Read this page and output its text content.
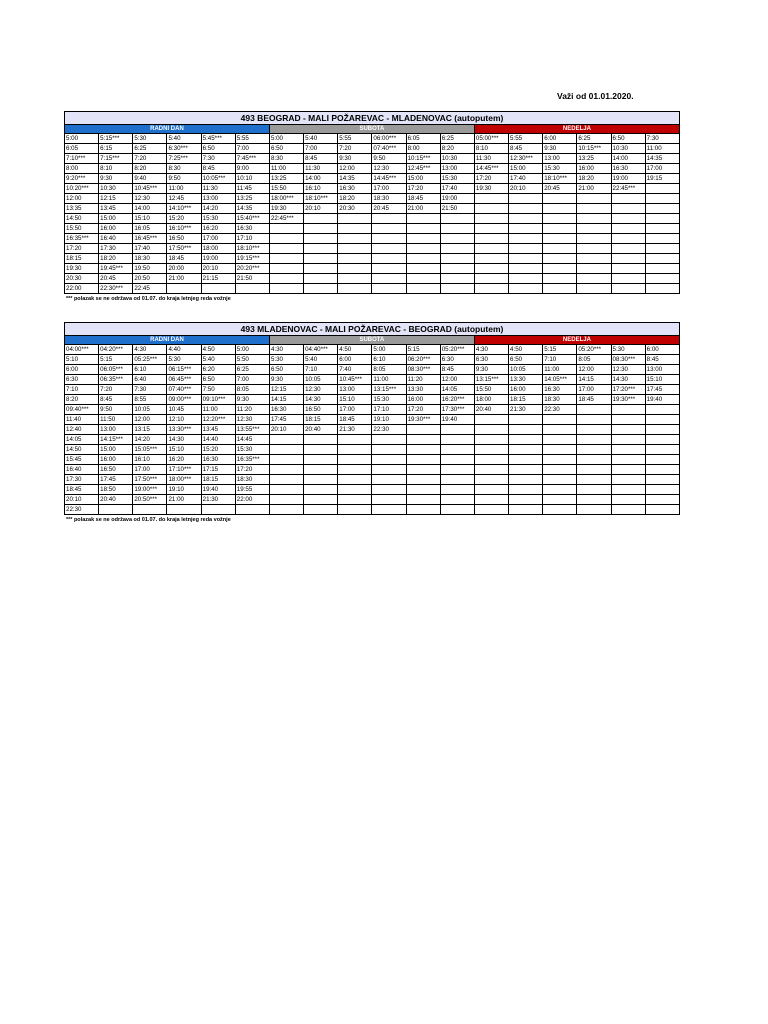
Važi od 01.01.2020.
493 BEOGRAD - MALI POŽAREVAC - MLADENOVAC (autoputem)																	
RADNI DAN						SUBOTA						NEDELJA					
5:00	5:15***	5:30	5:40	5:45***	5:55	5:00	5:40	5:55	06:00***	6:05	6:25	05:00***	5:55	6:00	6:25	6:50	7:30
6:05	6:15	6:25	6:30***	6:50	7:00	6:50	7:00	7:20	07:40***	8:00	8:20	8:10	8:45	9:30	10:15***	10:30	11:00
7:10***	7:15***	7:20	7:25***	7:30	7:45***	8:30	8:45	9:30	9:50	10:15***	10:30	11:30	12:30***	13:00	13:25	14:00	14:35
8:00	8:10	8:20	8:30	8:45	9:00	11:00	11:30	12:00	12:30	12:45***	13:00	14:45***	15:00	15:30	16:00	16:30	17:00
9:20***	9:30	9:40	9:50	10:05***	10:10	13:25	14:00	14:35	14:45***	15:00	15:30	17:20	17:40	18:10***	18:20	19:00	19:15
10:20***	10:30	10:45***	11:00	11:30	11:45	15:50	16:10	16:30	17:00	17:20	17:40	19:30	20:10	20:45	21:00	22:45***	
12:00	12:15	12:30	12:45	13:00	13:25	18:00***	18:10***	18:20	18:30	18:45	19:00						
13:35	13:45	14:00	14:10***	14:20	14:35	19:30	20:10	20:30	20:45	21:00	21:50						
14:50	15:00	15:10	15:20	15:30	15:40***	22:45***											
15:50	16:00	16:05	16:10***	16:20	16:30												
16:35***	16:40	16:45***	16:50	17:00	17:10												
17:20	17:30	17:40	17:50***	18:00	18:10***												
18:15	18:20	18:30	18:45	19:00	19:15***												
19:30	19:45***	19:50	20:00	20:10	20:20***												
20:30	20:45	20:50	21:00	21:15	21:50												
22:00	22:30***	22:45															
*** polazak se ne održava od 01.07. do kraja letnjeg reda vožnje
493 MLADENOVAC - MALI POŽAREVAC - BEOGRAD (autoputem)																	
RADNI DAN						SUBOTA						NEDELJA					
04:00***	04:20***	4:30	4:40	4:50	5:00	4:30	04:40***	4:50	5:00	5:15	05:20***	4:30	4:50	5:15	05:20***	5:30	6:00
5:10	5:15	05:25***	5:30	5:40	5:50	5:30	5:40	6:00	6:10	06:20***	6:30	6:30	6:50	7:10	8:05	08:30***	8:45
6:00	06:05***	6:10	06:15***	6:20	6:25	6:50	7:10	7:40	8:05	08:30***	8:45	9:30	10:05	11:00	12:00	12:30	13:00
6:30	06:35***	6:40	06:45***	6:50	7:00	9:30	10:05	10:45***	11:00	11:20	12:00	13:15***	13:30	14:05***	14:15	14:30	15:10
7:10	7:20	7:30	07:40***	7:50	8:05	12:15	12:30	13:00	13:15***	13:30	14:05	15:50	16:00	16:30	17:00	17:20***	17:45
8:20	8:45	8:55	09:00***	09:10***	9:30	14:15	14:30	15:10	15:30	16:00	16:20***	18:00	18:15	18:30	18:45	19:30***	19:40
09:40***	9:50	10:05	10:45	11:00	11:20	16:30	16:50	17:00	17:10	17:20	17:30***	20:40	21:30	22:30			
11:40	11:50	12:00	12:10	12:20***	12:30	17:45	18:15	18:45	19:10	19:30***	19:40						
12:40	13:00	13:15	13:30***	13:45	13:55***	20:10	20:40	21:30	22:30								
14:05	14:15***	14:20	14:30	14:40	14:45												
14:50	15:00	15:05***	15:10	15:20	15:30												
15:45	16:00	16:10	16:20	16:30	16:35***												
16:40	16:50	17:00	17:10***	17:15	17:20												
17:30	17:45	17:50***	18:00***	18:15	18:30												
18:45	18:50	19:00***	19:10	19:40	19:55												
20:10	20:40	20:50***	21:00	21:30	22:00												
22:30																	
*** polazak se ne održava od 01.07. do kraja letnjeg reda vožnje
